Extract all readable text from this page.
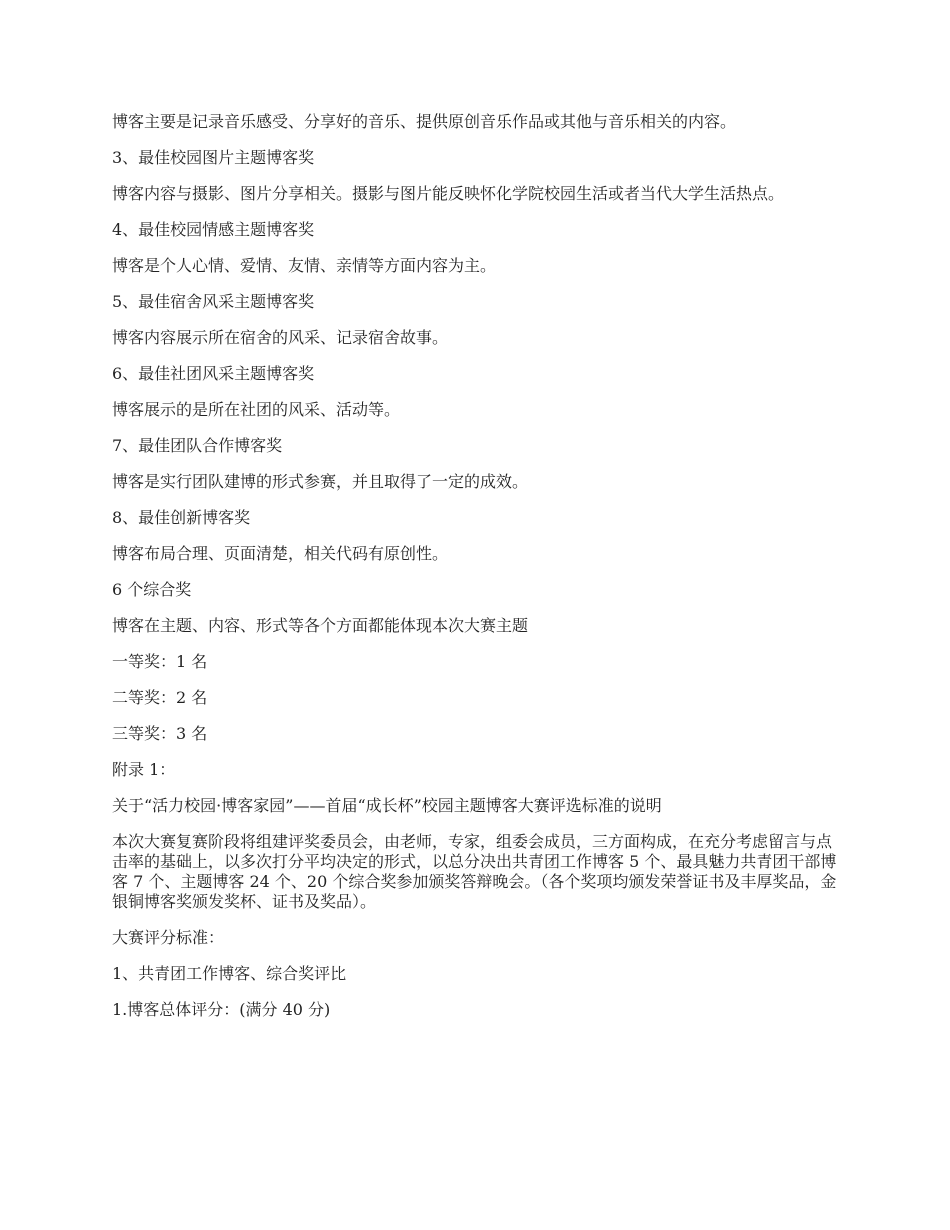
博客主要是记录音乐感受、分享好的音乐、提供原创音乐作品或其他与音乐相关的内容。

3、最佳校园图片主题博客奖

博客内容与摄影、图片分享相关。摄影与图片能反映怀化学院校园生活或者当代大学生活热点。

4、最佳校园情感主题博客奖

博客是个人心情、爱情、友情、亲情等方面内容为主。

5、最佳宿舍风采主题博客奖

博客内容展示所在宿舍的风采、记录宿舍故事。

6、最佳社团风采主题博客奖

博客展示的是所在社团的风采、活动等。

7、最佳团队合作博客奖

博客是实行团队建博的形式参赛，并且取得了一定的成效。

8、最佳创新博客奖

博客布局合理、页面清楚，相关代码有原创性。

6 个综合奖

博客在主题、内容、形式等各个方面都能体现本次大赛主题

一等奖：1 名

二等奖：2 名

三等奖：3 名

附录 1：

关于“活力校园·博客家园”——首届“成长杯”校园主题博客大赛评选标准的说明

本次大赛复赛阶段将组建评奖委员会，由老师，专家，组委会成员，三方面构成，在充分考虑留言与点击率的基础上，以多次打分平均决定的形式，以总分决出共青团工作博客 5 个、最具魅力共青团干部博客 7 个、主题博客 24 个、20 个综合奖参加颁奖答辩晚会。（各个奖项均颁发荣誉证书及丰厚奖品，金银铜博客奖颁发奖杯、证书及奖品）。

大赛评分标准：

1、共青团工作博客、综合奖评比

1.博客总体评分：(满分 40 分)
